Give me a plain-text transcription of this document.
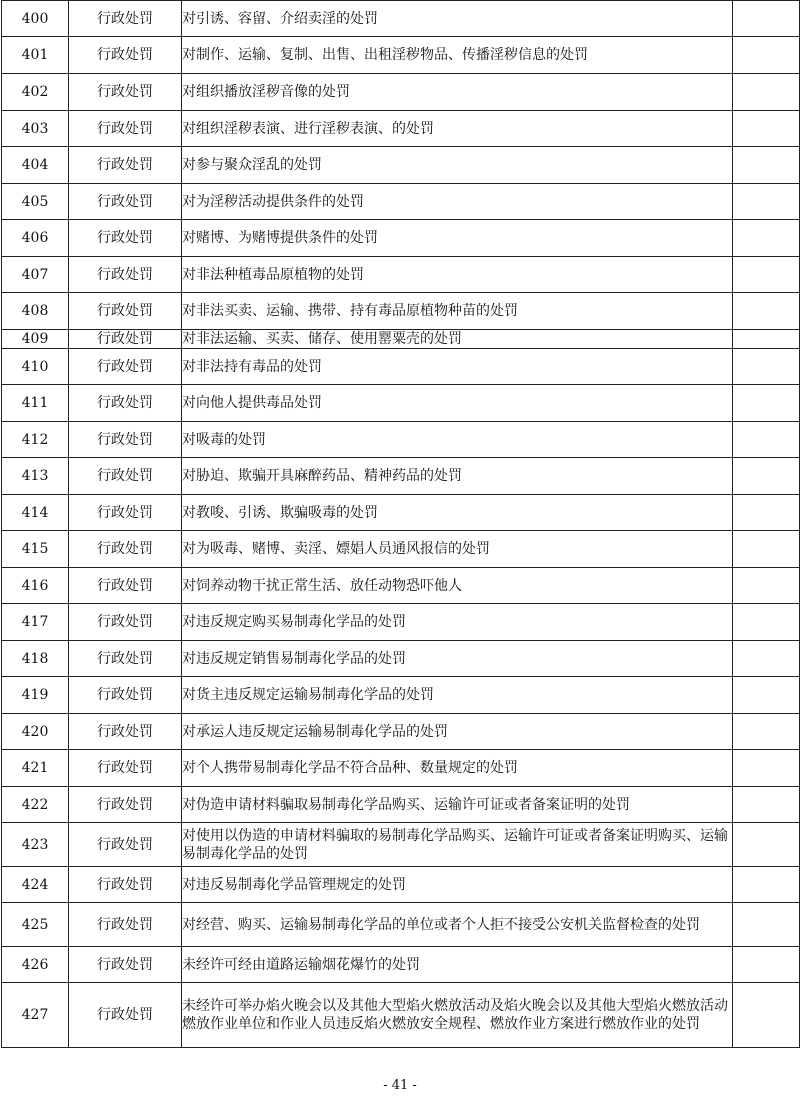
400	行政处罚	对引诱、容留、介绍卖淫的处罚	
401	行政处罚	对制作、运输、复制、出售、出租淫秽物品、传播淫秽信息的处罚	
402	行政处罚	对组织播放淫秽音像的处罚	
403	行政处罚	对组织淫秽表演、进行淫秽表演、的处罚	
404	行政处罚	对参与聚众淫乱的处罚	
405	行政处罚	对为淫秽活动提供条件的处罚	
406	行政处罚	对赌博、为赌博提供条件的处罚	
407	行政处罚	对非法种植毒品原植物的处罚	
408	行政处罚	对非法买卖、运输、携带、持有毒品原植物种苗的处罚	
409	行政处罚	对非法运输、买卖、储存、使用罂粟壳的处罚	
410	行政处罚	对非法持有毒品的处罚	
411	行政处罚	对向他人提供毒品处罚	
412	行政处罚	对吸毒的处罚	
413	行政处罚	对胁迫、欺骗开具麻醉药品、精神药品的处罚	
414	行政处罚	对教唆、引诱、欺骗吸毒的处罚	
415	行政处罚	对为吸毒、赌博、卖淫、嫖娼人员通风报信的处罚	
416	行政处罚	对饲养动物干扰正常生活、放任动物恐吓他人	
417	行政处罚	对违反规定购买易制毒化学品的处罚	
418	行政处罚	对违反规定销售易制毒化学品的处罚	
419	行政处罚	对货主违反规定运输易制毒化学品的处罚	
420	行政处罚	对承运人违反规定运输易制毒化学品的处罚	
421	行政处罚	对个人携带易制毒化学品不符合品种、数量规定的处罚	
422	行政处罚	对伪造申请材料骗取易制毒化学品购买、运输许可证或者备案证明的处罚	
423	行政处罚	对使用以伪造的申请材料骗取的易制毒化学品购买、运输许可证或者备案证明购买、运输易制毒化学品的处罚	
424	行政处罚	对违反易制毒化学品管理规定的处罚	
425	行政处罚	对经营、购买、运输易制毒化学品的单位或者个人拒不接受公安机关监督检查的处罚	
426	行政处罚	未经许可经由道路运输烟花爆竹的处罚	
427	行政处罚	未经许可举办焰火晚会以及其他大型焰火燃放活动及焰火晚会以及其他大型焰火燃放活动燃放作业单位和作业人员违反焰火燃放安全规程、燃放作业方案进行燃放作业的处罚	
- 41 -
